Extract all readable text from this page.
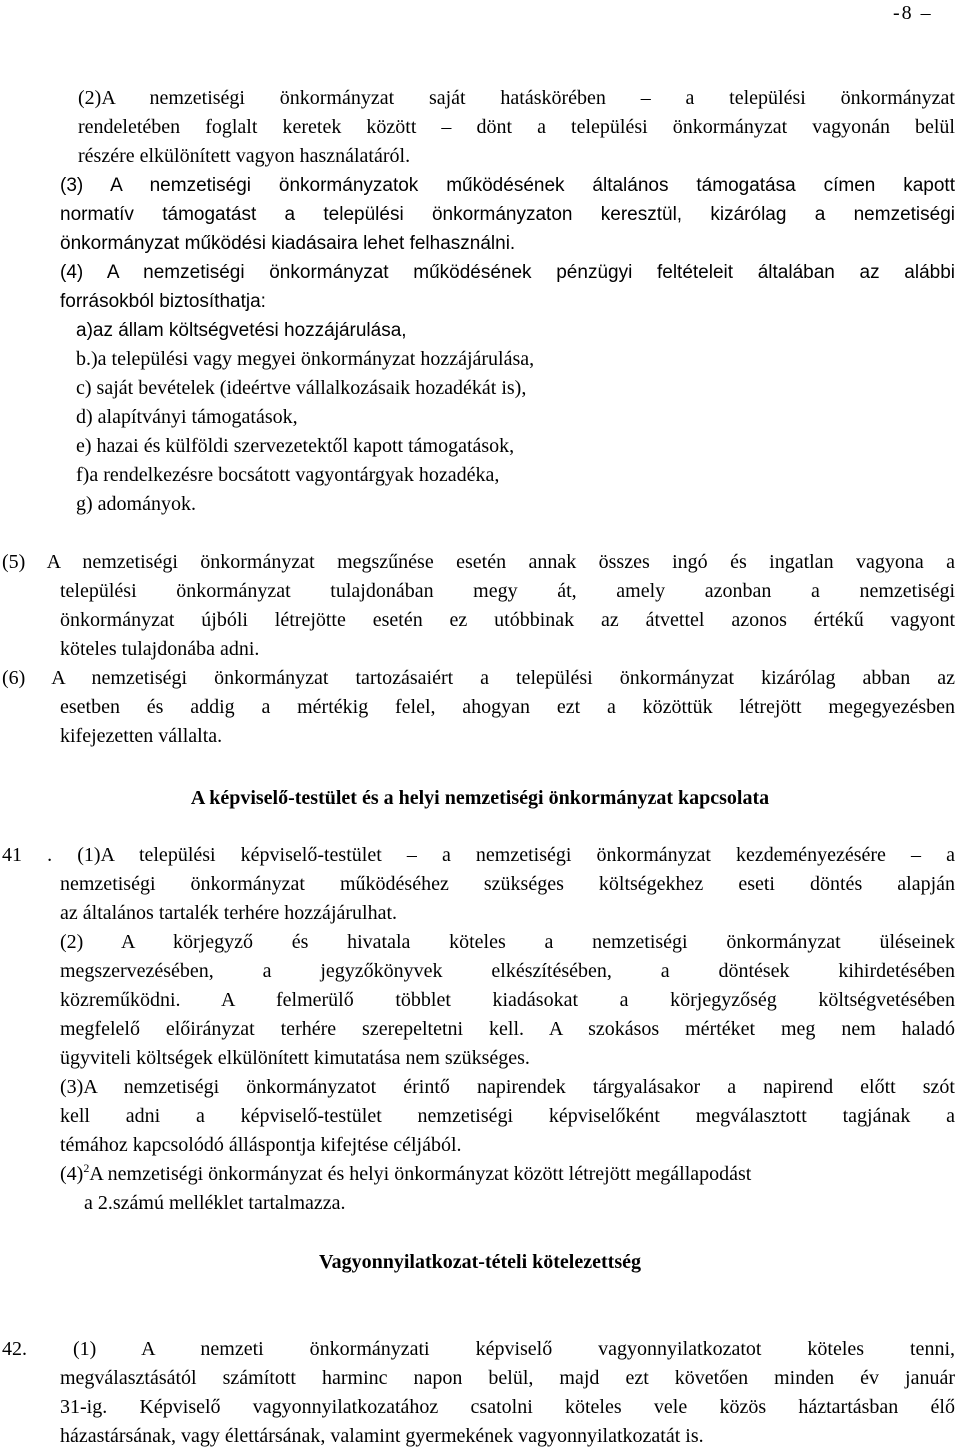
-8 –
(2)A nemzetiségi önkormányzat saját hatáskörében – a települési önkormányzat
rendeletében foglalt keretek között – dönt a települési önkormányzat vagyonán belül
részére elkülönített vagyon használatáról.
(3) A nemzetiségi önkormányzatok működésének általános támogatása címen kapott
normatív támogatást a települési önkormányzaton keresztül, kizárólag a nemzetiségi
önkormányzat működési kiadásaira lehet felhasználni.
(4) A nemzetiségi önkormányzat működésének pénzügyi feltételeit általában az alábbi
forrásokból biztosíthatja:
a)az állam költségvetési hozzájárulása,
b.)a települési vagy megyei önkormányzat hozzájárulása,
c) saját bevételek (ideértve vállalkozásaik hozadékát is),
d) alapítványi támogatások,
e) hazai és külföldi szervezetektől kapott támogatások,
f)a rendelkezésre bocsátott vagyontárgyak hozadéka,
g) adományok.
(5) A nemzetiségi önkormányzat megszűnése esetén annak összes ingó és ingatlan vagyona a
települési önkormányzat tulajdonában megy át, amely azonban a nemzetiségi
önkormányzat újbóli létrejötte esetén ez utóbbinak az átvettel azonos értékű vagyont
köteles tulajdonába adni.
(6) A nemzetiségi önkormányzat tartozásaiért a települési önkormányzat kizárólag abban az
esetben és addig a mértékig felel, ahogyan ezt a közöttük létrejött megegyezésben
kifejezetten vállalta.
A képviselő-testület és a helyi nemzetiségi önkormányzat kapcsolata
41 . (1)A települési képviselő-testület – a nemzetiségi önkormányzat kezdeményezésére – a
nemzetiségi önkormányzat működéséhez szükséges költségekhez eseti döntés alapján
az általános tartalék terhére hozzájárulhat.
(2) A körjegyző és hivatala köteles a nemzetiségi önkormányzat üléseinek
megszervezésében, a jegyzőkönyvek elkészítésében, a döntések kihirdetésében
közreműködni. A felmerülő többlet kiadásokat a körjegyzőség költségvetésében
megfelelő előirányzat terhére szerepeltetni kell. A szokásos mértéket meg nem haladó
ügyviteli költségek elkülönített kimutatása nem szükséges.
(3)A nemzetiségi önkormányzatot érintő napirendek tárgyalásakor a napirend előtt szót
kell adni a képviselő-testület nemzetiségi képviselőként megválasztott tagjának a
témához kapcsolódó álláspontja kifejtése céljából.
$(4)^2A$ nemzetiségi önkormányzat és helyi önkormányzat között létrejött megállapodást
a 2.számú melléklet tartalmazza.
Vagyonnyilatkozat-tételi kötelezettség
42. (1) A nemzeti önkormányzati képviselő vagyonnyilatkozatot köteles tenni,
megválasztásától számított harminc napon belül, majd ezt követően minden év január
31-ig. Képviselő vagyonnyilatkozatához csatolni köteles vele közös háztartásban élő
házastársának, vagy élettársának, valamint gyermekének vagyonnyilatkozatát is.
